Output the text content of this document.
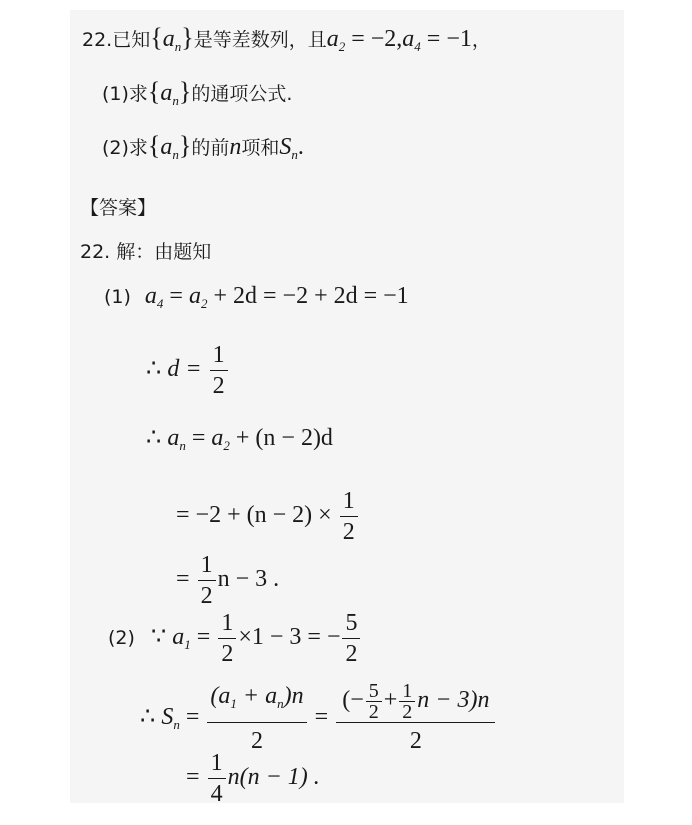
22.已知$\{a_n\}$是等差数列，且$a_2 = -2,a_4 = -1$，
(1)求$\{a_n\}$的通项公式.
(2)求$\{a_n\}$的前n项和$S_n$.
【答案】
22. 解：由题知
(1) $a_4 = a_2 + 2d = -2 + 2d = -1$
∴ $d = \frac{1}{2}$
∴ $a_n = a_2 + (n - 2)d$
= $-2 + (n - 2) \times \frac{1}{2}$
= $\frac{1}{2}$ n − 3 .
(2) ∵ $a_1 = \frac{1}{2} \times 1 - 3$ = − $\frac{5}{2}$
∴ $S_n = \frac{(a_1 + a_n)n}{2} = \frac{(- \frac{5}{2} + \frac{1}{2} n - 3)n}{2}$
= $\frac{1}{4} n(n - 1)$ .
